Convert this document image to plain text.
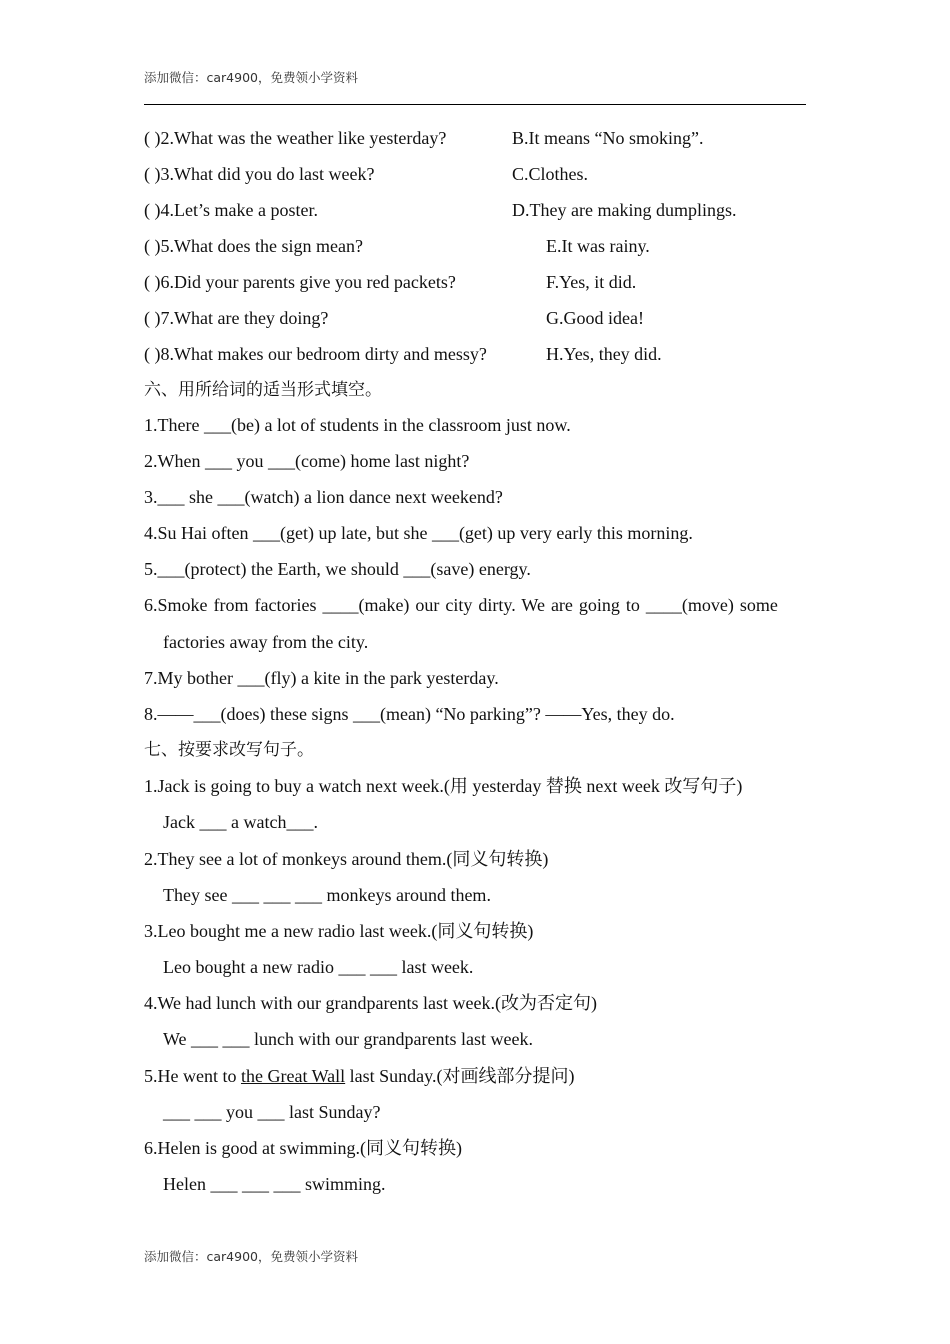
添加微信：car4900，免费领小学资料
( )2.What was the weather like yesterday?	B.It means “No smoking”.
( )3.What did you do last week?	C.Clothes.
( )4.Let’s make a poster.	D.They are making dumplings.
( )5.What does the sign mean?	E.It was rainy.
( )6.Did your parents give you red packets?	F.Yes, it did.
( )7.What are they doing?	G.Good idea!
( )8.What makes our bedroom dirty and messy?	H.Yes, they did.
六、用所给词的适当形式填空。
1.There ___(be) a lot of students in the classroom just now.
2.When ___ you ___(come) home last night?
3.___ she ___(watch) a lion dance next weekend?
4.Su Hai often ___(get) up late, but she ___(get) up very early this morning.
5.___(protect) the Earth, we should ___(save) energy.
6.Smoke from factories ____(make) our city dirty. We are going to ____(move) some
factories away from the city.
7.My bother ___(fly) a kite in the park yesterday.
8.——___(does) these signs ___(mean) “No parking”? ——Yes, they do.
七、按要求改写句子。
1.Jack is going to buy a watch next week.(用 yesterday 替换 next week 改写句子)
Jack ___ a watch___.
2.They see a lot of monkeys around them.(同义句转换)
They see ___ ___ ___ monkeys around them.
3.Leo bought me a new radio last week.(同义句转换)
Leo bought a new radio ___ ___ last week.
4.We had lunch with our grandparents last week.(改为否定句)
We ___ ___ lunch with our grandparents last week.
5.He went to the Great Wall last Sunday.(对画线部分提问)
___ ___ you ___ last Sunday?
6.Helen is good at swimming.(同义句转换)
Helen ___ ___ ___ swimming.
添加微信：car4900，免费领小学资料
